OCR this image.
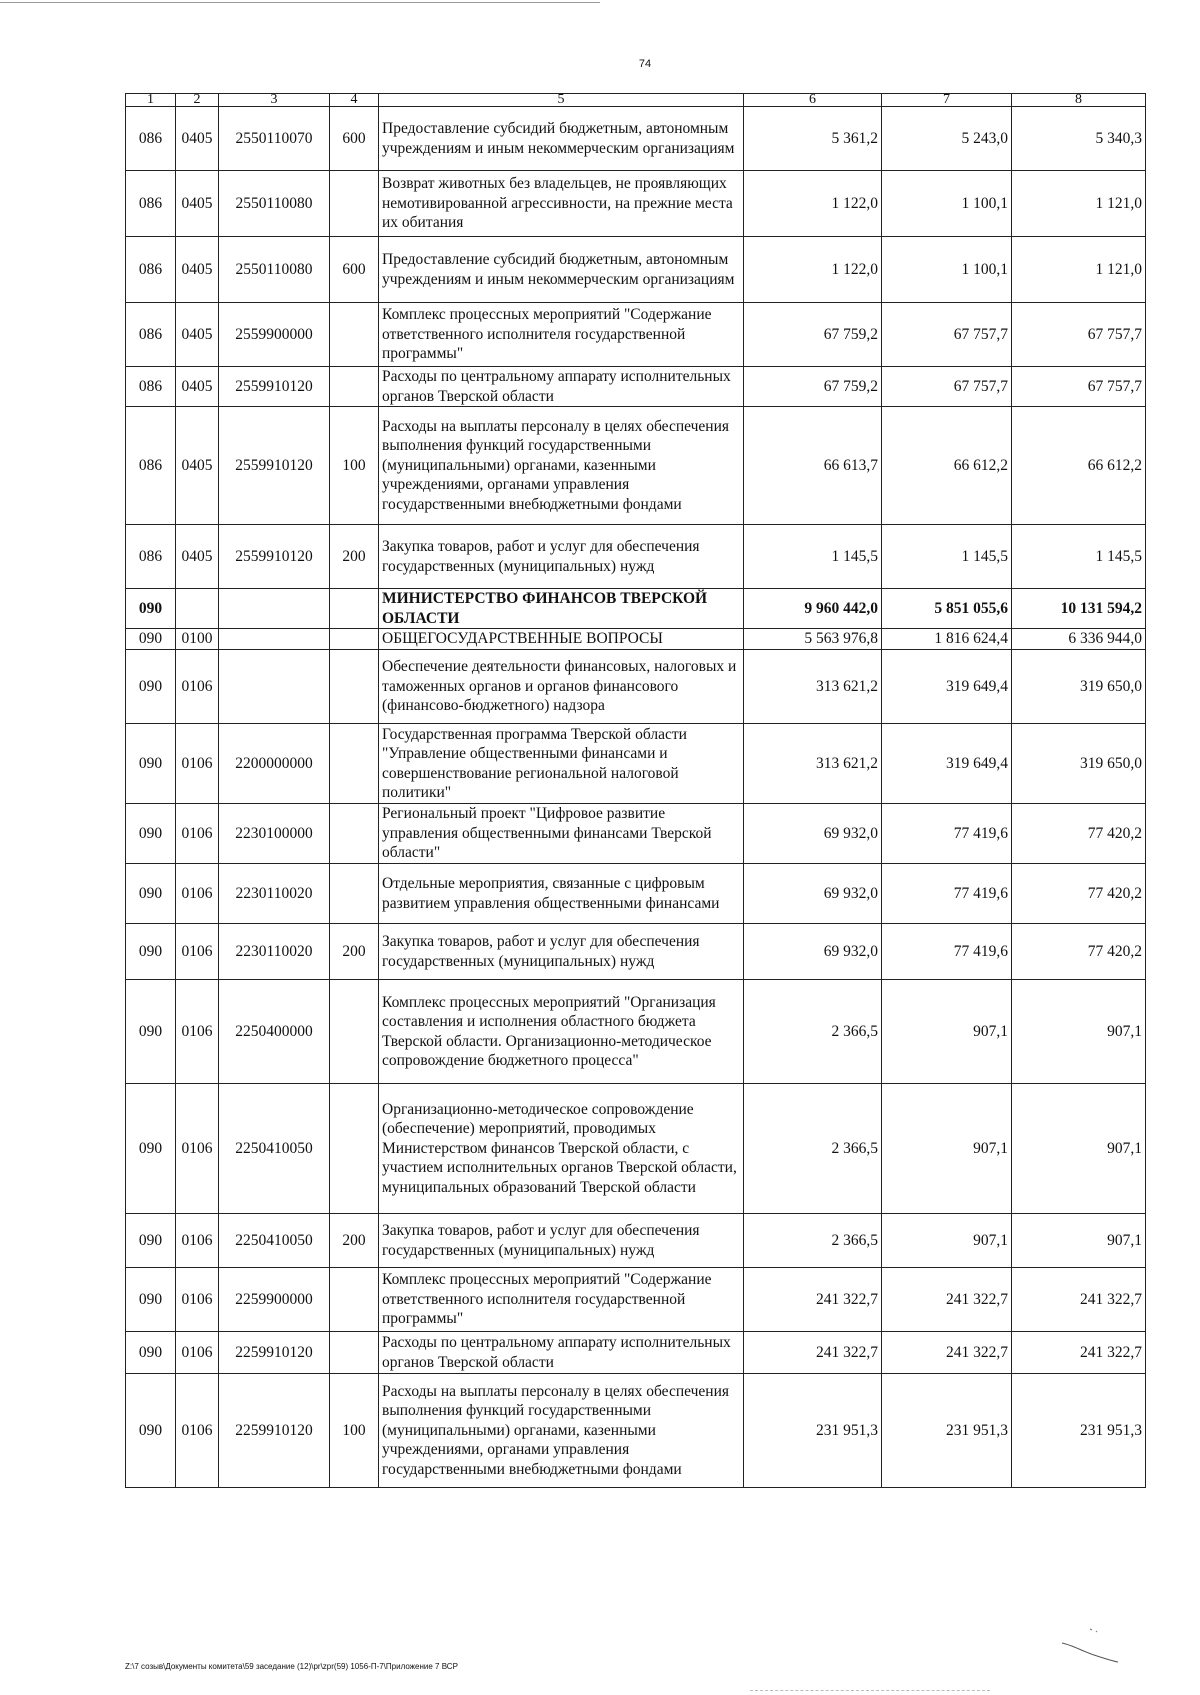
74
1	2	3	4	5	6	7	8
086	0405	2550110070	600	Предоставление субсидий бюджетным, автономным учреждениям и иным некоммерческим организациям	5 361,2	5 243,0	5 340,3
086	0405	2550110080		Возврат животных без владельцев, не проявляющих немотивированной агрессивности, на прежние места их обитания	1 122,0	1 100,1	1 121,0
086	0405	2550110080	600	Предоставление субсидий бюджетным, автономным учреждениям и иным некоммерческим организациям	1 122,0	1 100,1	1 121,0
086	0405	2559900000		Комплекс процессных мероприятий "Содержание ответственного исполнителя государственной программы"	67 759,2	67 757,7	67 757,7
086	0405	2559910120		Расходы по центральному аппарату исполнительных органов Тверской области	67 759,2	67 757,7	67 757,7
086	0405	2559910120	100	Расходы на выплаты персоналу в целях обеспечения выполнения функций государственными (муниципальными) органами, казенными учреждениями, органами управления государственными внебюджетными фондами	66 613,7	66 612,2	66 612,2
086	0405	2559910120	200	Закупка товаров, работ и услуг для обеспечения государственных (муниципальных) нужд	1 145,5	1 145,5	1 145,5
090				МИНИСТЕРСТВО ФИНАНСОВ ТВЕРСКОЙ ОБЛАСТИ	9 960 442,0	5 851 055,6	10 131 594,2
090	0100			ОБЩЕГОСУДАРСТВЕННЫЕ ВОПРОСЫ	5 563 976,8	1 816 624,4	6 336 944,0
090	0106			Обеспечение деятельности финансовых, налоговых и таможенных органов и органов финансового (финансово-бюджетного) надзора	313 621,2	319 649,4	319 650,0
090	0106	2200000000		Государственная программа Тверской области "Управление общественными финансами и совершенствование региональной налоговой политики"	313 621,2	319 649,4	319 650,0
090	0106	2230100000		Региональный проект "Цифровое развитие управления общественными финансами Тверской области"	69 932,0	77 419,6	77 420,2
090	0106	2230110020		Отдельные мероприятия, связанные с цифровым развитием управления общественными финансами	69 932,0	77 419,6	77 420,2
090	0106	2230110020	200	Закупка товаров, работ и услуг для обеспечения государственных (муниципальных) нужд	69 932,0	77 419,6	77 420,2
090	0106	2250400000		Комплекс процессных мероприятий "Организация составления и исполнения областного бюджета Тверской области. Организационно-методическое сопровождение бюджетного процесса"	2 366,5	907,1	907,1
090	0106	2250410050		Организационно-методическое сопровождение (обеспечение) мероприятий, проводимых Министерством финансов Тверской области, с участием исполнительных органов Тверской области, муниципальных образований Тверской области	2 366,5	907,1	907,1
090	0106	2250410050	200	Закупка товаров, работ и услуг для обеспечения государственных (муниципальных) нужд	2 366,5	907,1	907,1
090	0106	2259900000		Комплекс процессных мероприятий "Содержание ответственного исполнителя государственной программы"	241 322,7	241 322,7	241 322,7
090	0106	2259910120		Расходы по центральному аппарату исполнительных органов Тверской области	241 322,7	241 322,7	241 322,7
090	0106	2259910120	100	Расходы на выплаты персоналу в целях обеспечения выполнения функций государственными (муниципальными) органами, казенными учреждениями, органами управления государственными внебюджетными фондами	231 951,3	231 951,3	231 951,3
Z:\7 созыв\Документы комитета\59 заседание (12)\pr\zpr(59) 1056-П-7\Приложение 7 ВСР
